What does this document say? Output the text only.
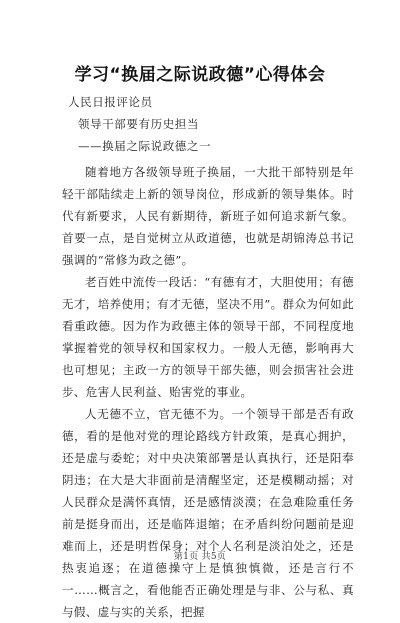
学习“换届之际说政德”心得体会
人民日报评论员
领导干部要有历史担当
——换届之际说政德之一

随着地方各级领导班子换届，一大批干部特别是年轻干部陆续走上新的领导岗位，形成新的领导集体。时代有新要求，人民有新期待，新班子如何追求新气象。首要一点，是自觉树立从政道德，也就是胡锦涛总书记强调的“常修为政之德”。

老百姓中流传一段话：“有德有才，大胆使用；有德无才，培养使用；有才无德，坚决不用”。群众为何如此看重政德。因为作为政德主体的领导干部，不同程度地掌握着党的领导权和国家权力。一般人无德，影响再大也可想见；主政一方的领导干部失德，则会损害社会进步、危害人民利益、贻害党的事业。

人无德不立，官无德不为。一个领导干部是否有政德，看的是他对党的理论路线方针政策，是真心拥护，还是虚与委蛇；对中央决策部署是认真执行，还是阳奉阴违；在大是大非面前是清醒坚定，还是模糊动摇；对人民群众是满怀真情，还是感情淡漠；在急难险重任务前是挺身而出，还是临阵退缩；在矛盾纠纷问题前是迎难而上，还是明哲保身；对个人名利是淡泊处之，还是热衷追逐；在道德操守上是慎独慎微，还是言行不一……概言之，看他能否正确处理是与非、公与私、真与假、虚与实的关系，把握

第1页 共5页
